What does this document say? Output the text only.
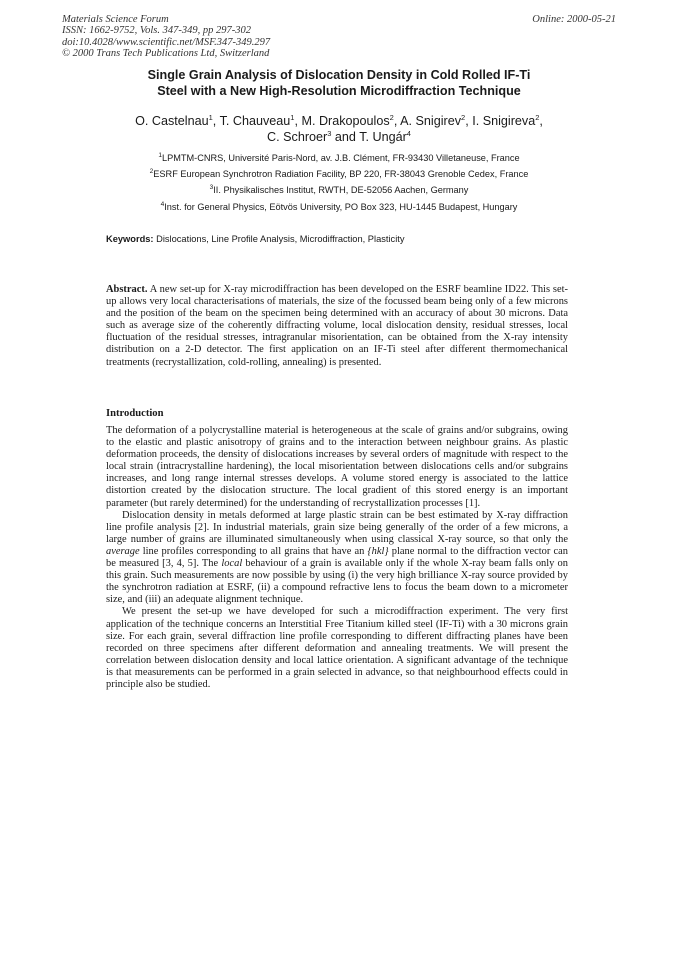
Materials Science Forum
ISSN: 1662-9752, Vols. 347-349, pp 297-302
doi:10.4028/www.scientific.net/MSF.347-349.297
© 2000 Trans Tech Publications Ltd, Switzerland
Online: 2000-05-21
Single Grain Analysis of Dislocation Density in Cold Rolled IF-Ti
Steel with a New High-Resolution Microdiffraction Technique
O. Castelnau$^1$, T. Chauveau$^1$, M. Drakopoulos$^2$, A. Snigirev$^2$, I. Snigireva$^2$,
C. Schroer$^3$ and T. Ungár$^4$
$^1$LPMTM-CNRS, Université Paris-Nord, av. J.B. Clément, FR-93430 Villetaneuse, France
$^2$ESRF European Synchrotron Radiation Facility, BP 220, FR-38043 Grenoble Cedex, France
$^3$II. Physikalisches Institut, RWTH, DE-52056 Aachen, Germany
$^4$Inst. for General Physics, Eötvös University, PO Box 323, HU-1445 Budapest, Hungary
Keywords: Dislocations, Line Profile Analysis, Microdiffraction, Plasticity
Abstract. A new set-up for X-ray microdiffraction has been developed on the ESRF beamline ID22. This set-up allows very local characterisations of materials, the size of the focussed beam being only of a few microns and the position of the beam on the specimen being determined with an accuracy of about 30 microns. Data such as average size of the coherently diffracting volume, local dislocation density, residual stresses, local fluctuation of the residual stresses, intragranular misorientation, can be obtained from the X-ray intensity distribution on a 2-D detector. The first application on an IF-Ti steel after different thermomechanical treatments (recrystallization, cold-rolling, annealing) is presented.
Introduction

The deformation of a polycrystalline material is heterogeneous at the scale of grains and/or subgrains, owing to the elastic and plastic anisotropy of grains and to the interaction between neighbour grains. As plastic deformation proceeds, the density of dislocations increases by several orders of magnitude with respect to the local strain (intracrystalline hardening), the local misorientation between dislocations cells and/or subgrains increases, and long range internal stresses develops. A volume stored energy is associated to the lattice distortion created by the dislocation structure. The local gradient of this stored energy is an important parameter (but rarely determined) for the understanding of recrystallization processes [1].

Dislocation density in metals deformed at large plastic strain can be best estimated by X-ray diffraction line profile analysis [2]. In industrial materials, grain size being generally of the order of a few microns, a large number of grains are illuminated simultaneously when using classical X-ray source, so that only the average line profiles corresponding to all grains that have an {hkl} plane normal to the diffraction vector can be measured [3, 4, 5]. The local behaviour of a grain is available only if the whole X-ray beam falls only on this grain. Such measurements are now possible by using (i) the very high brilliance X-ray source provided by the synchrotron radiation at ESRF, (ii) a compound refractive lens to focus the beam down to a micrometer size, and (iii) an adequate alignment technique.

We present the set-up we have developed for such a microdiffraction experiment. The very first application of the technique concerns an Interstitial Free Titanium killed steel (IF-Ti) with a 30 microns grain size. For each grain, several diffraction line profile corresponding to different diffracting planes have been recorded on three specimens after different deformation and annealing treatments. We will present the correlation between dislocation density and local lattice orientation. A significant advantage of the technique is that measurements can be performed in a grain selected in advance, so that neighbourhood effects could in principle also be studied.
